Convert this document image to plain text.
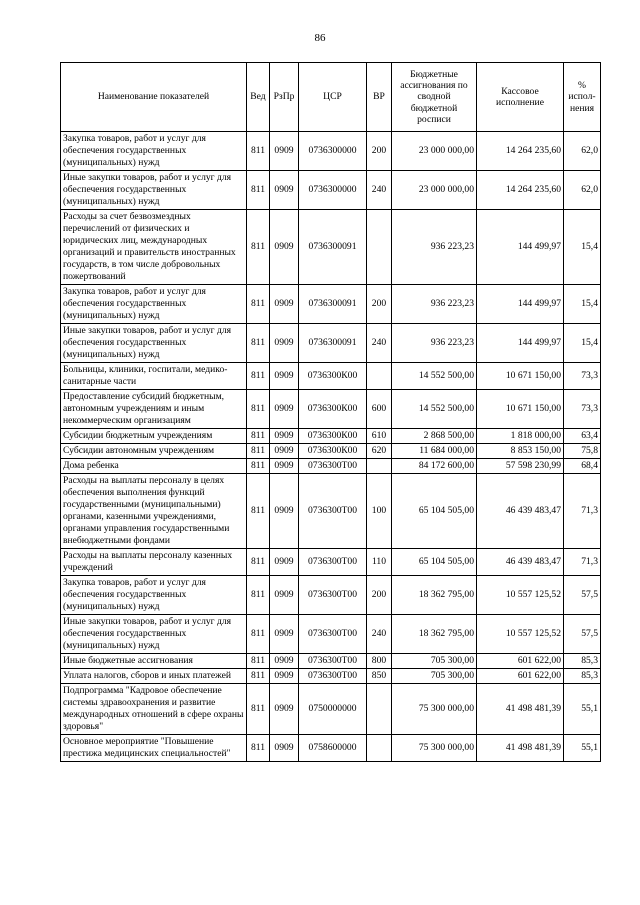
86
Наименование показателей	Вед	РзПр	ЦСР	ВР	Бюджетные ассигнования по сводной бюджетной росписи	Кассовое исполнение	% испол-нения
Закупка товаров, работ и услуг для обеспечения государственных (муниципальных) нужд	811	0909	0736300000	200	23 000 000,00	14 264 235,60	62,0
Иные закупки товаров, работ и услуг для обеспечения государственных (муниципальных) нужд	811	0909	0736300000	240	23 000 000,00	14 264 235,60	62,0
Расходы за счет безвозмездных перечислений от физических и юридических лиц, международных организаций и правительств иностранных государств, в том числе добровольных пожертвований	811	0909	0736300091		936 223,23	144 499,97	15,4
Закупка товаров, работ и услуг для обеспечения государственных (муниципальных) нужд	811	0909	0736300091	200	936 223,23	144 499,97	15,4
Иные закупки товаров, работ и услуг для обеспечения государственных (муниципальных) нужд	811	0909	0736300091	240	936 223,23	144 499,97	15,4
Больницы, клиники, госпитали, медико-санитарные части	811	0909	0736300К00		14 552 500,00	10 671 150,00	73,3
Предоставление субсидий бюджетным, автономным учреждениям и иным некоммерческим организациям	811	0909	0736300К00	600	14 552 500,00	10 671 150,00	73,3
Субсидии бюджетным учреждениям	811	0909	0736300К00	610	2 868 500,00	1 818 000,00	63,4
Субсидии автономным учреждениям	811	0909	0736300К00	620	11 684 000,00	8 853 150,00	75,8
Дома ребенка	811	0909	0736300Т00		84 172 600,00	57 598 230,99	68,4
Расходы на выплаты персоналу в целях обеспечения выполнения функций государственными (муниципальными) органами, казенными учреждениями, органами управления государственными внебюджетными фондами	811	0909	0736300Т00	100	65 104 505,00	46 439 483,47	71,3
Расходы на выплаты персоналу казенных учреждений	811	0909	0736300Т00	110	65 104 505,00	46 439 483,47	71,3
Закупка товаров, работ и услуг для обеспечения государственных (муниципальных) нужд	811	0909	0736300Т00	200	18 362 795,00	10 557 125,52	57,5
Иные закупки товаров, работ и услуг для обеспечения государственных (муниципальных) нужд	811	0909	0736300Т00	240	18 362 795,00	10 557 125,52	57,5
Иные бюджетные ассигнования	811	0909	0736300Т00	800	705 300,00	601 622,00	85,3
Уплата налогов, сборов и иных платежей	811	0909	0736300Т00	850	705 300,00	601 622,00	85,3
Подпрограмма "Кадровое обеспечение системы здравоохранения и развитие международных отношений в сфере охраны здоровья"	811	0909	0750000000		75 300 000,00	41 498 481,39	55,1
Основное мероприятие "Повышение престижа медицинских специальностей"	811	0909	0758600000		75 300 000,00	41 498 481,39	55,1
